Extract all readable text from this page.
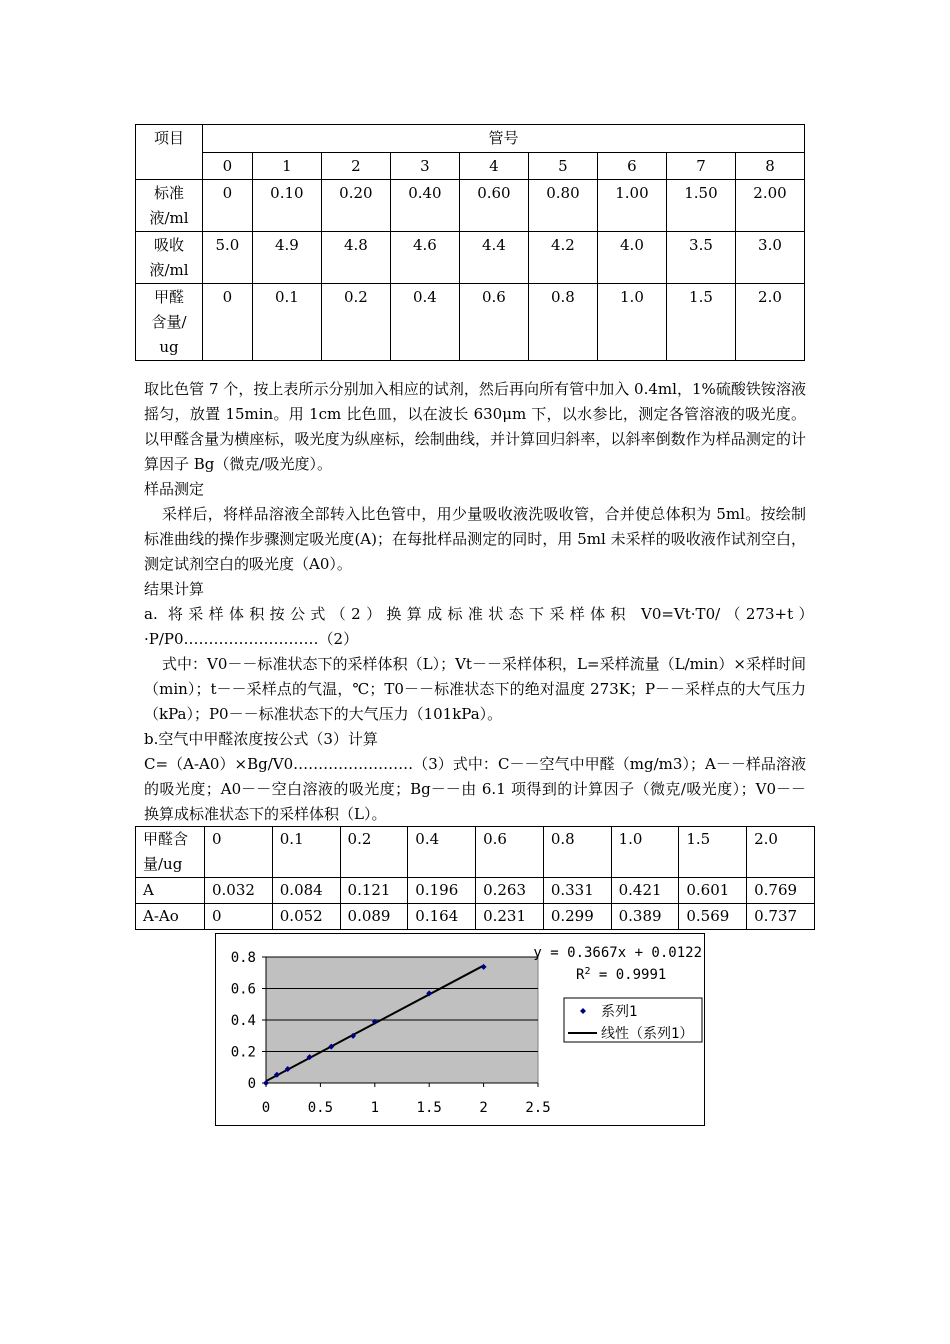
项目	管号								
	0	1	2	3	4	5	6	7	8
标准
液/ml	0	0.10	0.20	0.40	0.60	0.80	1.00	1.50	2.00
吸收
液/ml	5.0	4.9	4.8	4.6	4.4	4.2	4.0	3.5	3.0
甲醛
含量/
ug	0	0.1	0.2	0.4	0.6	0.8	1.0	1.5	2.0

取比色管 7 个，按上表所示分别加入相应的试剂，然后再向所有管中加入 0.4ml，1%硫酸铁铵溶液摇匀，放置 15min。用 1cm 比色皿，以在波长 630μm 下，以水参比，测定各管溶液的吸光度。以甲醛含量为横座标，吸光度为纵座标，绘制曲线，并计算回归斜率，以斜率倒数作为样品测定的计算因子 Bg（微克/吸光度）。

样品测定

采样后，将样品溶液全部转入比色管中，用少量吸收液洗吸收管，合并使总体积为 5ml。按绘制标准曲线的操作步骤测定吸光度(A)；在每批样品测定的同时，用 5ml 未采样的吸收液作试剂空白，测定试剂空白的吸光度（A0）。

结果计算

a. 将采样体积按公式（2）换算成标准状态下采样体积 V0=Vt·T0/（273+t）·P/P0………………………（2）

式中：V0－－标准状态下的采样体积（L）；Vt－－采样体积，L=采样流量（L/min）×采样时间（min）；t－－采样点的气温，℃；T0－－标准状态下的绝对温度 273K；P－－采样点的大气压力（kPa）；P0－－标准状态下的大气压力（101kPa）。

b.空气中甲醛浓度按公式（3）计算

C=（A-A0）×Bg/V0……………………（3）式中：C－－空气中甲醛（mg/m3）；A－－样品溶液的吸光度；A0－－空白溶液的吸光度；Bg－－由 6.1 项得到的计算因子（微克/吸光度）；V0－－换算成标准状态下的采样体积（L）。

甲醛含
量/ug	0	0.1	0.2	0.4	0.6	0.8	1.0	1.5	2.0
A	0.032	0.084	0.121	0.196	0.263	0.331	0.421	0.601	0.769
A-Ao	0	0.052	0.089	0.164	0.231	0.299	0.389	0.569	0.737
0
0.2
0.4
0.6
0.8
0	0.5	1	1.5	2	2.5
y = 0.3667x + 0.0122
$R^2 = 0.9991$
系列1
线性（系列1）
